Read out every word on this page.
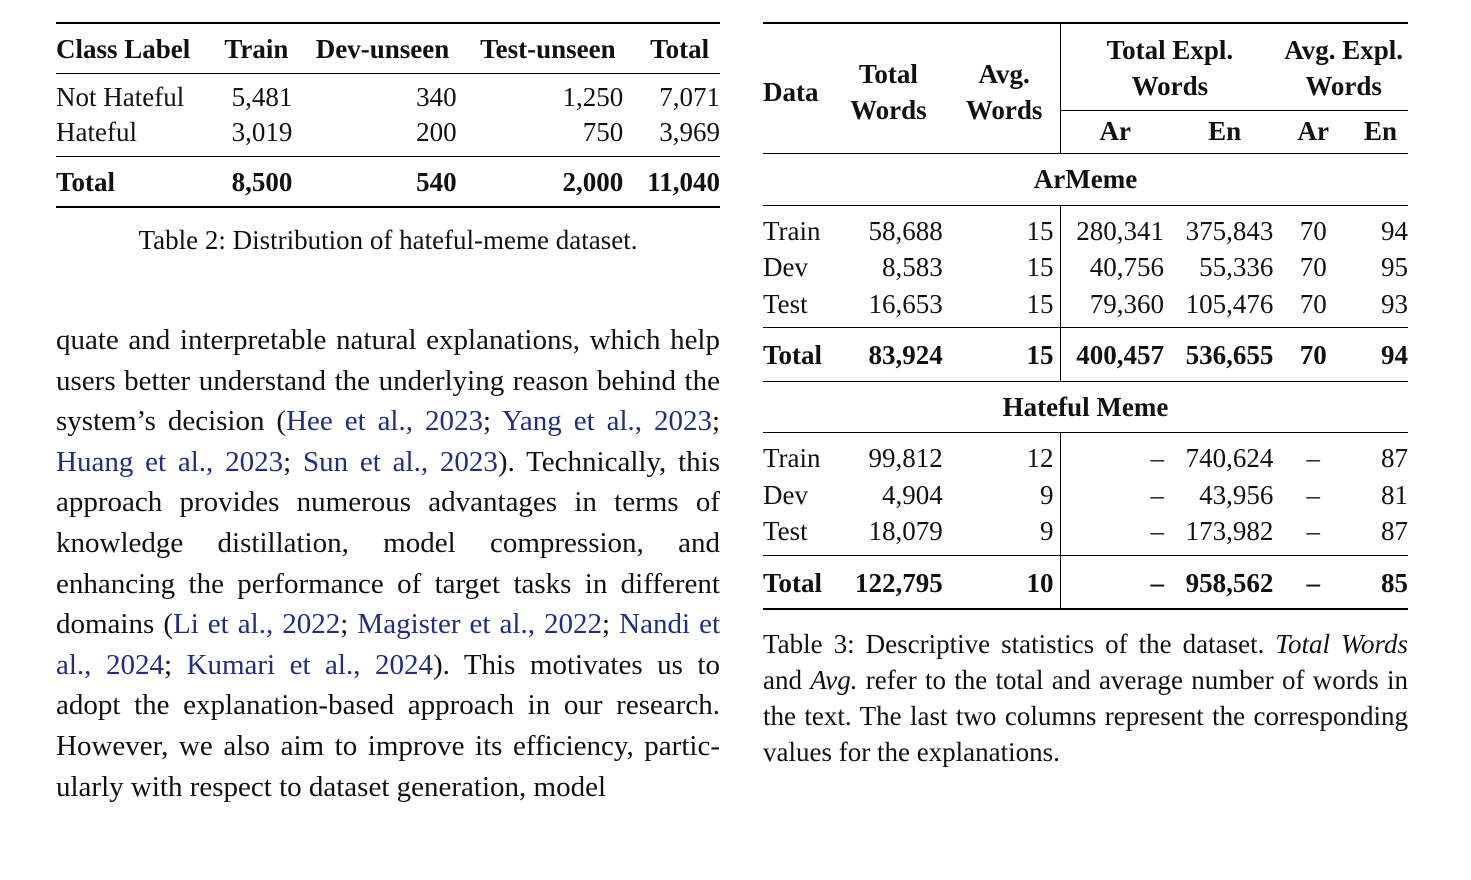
Class Label	Train	Dev-unseen	Test-unseen	Total
Not Hateful	5,481	340	1,250	7,071
Hateful	3,019	200	750	3,969
Total	8,500	540	2,000	11,040
Table 2: Distribution of hateful-meme dataset.
quate and interpretable natural explanations, which help users better understand the underlying reason behind the system’s decision (Hee et al., 2023; Yang et al., 2023; Huang et al., 2023; Sun et al., 2023). Technically, this approach provides numerous advantages in terms of knowledge distillation, model compression, and enhancing the performance of target tasks in different domains (Li et al., 2022; Magister et al., 2022; Nandi et al., 2024; Kumari et al., 2024). This motivates us to adopt the explanation-based approach in our research. However, we also aim to improve its efficiency, particularly with respect to dataset generation, model
Data	Total Words	Avg. Words	Total Expl. Words		Avg. Expl. Words	
			Ar	En	Ar	En
ArMeme						
Train	58,688	15	280,341	375,843	70	94
Dev	8,583	15	40,756	55,336	70	95
Test	16,653	15	79,360	105,476	70	93
Total	83,924	15	400,457	536,655	70	94
Hateful Meme						
Train	99,812	12	–	740,624	–	87
Dev	4,904	9	–	43,956	–	81
Test	18,079	9	–	173,982	–	87
Total	122,795	10	–	958,562	–	85
Table 3: Descriptive statistics of the dataset. Total Words and Avg. refer to the total and average number of words in the text. The last two columns represent the corresponding values for the explanations.
